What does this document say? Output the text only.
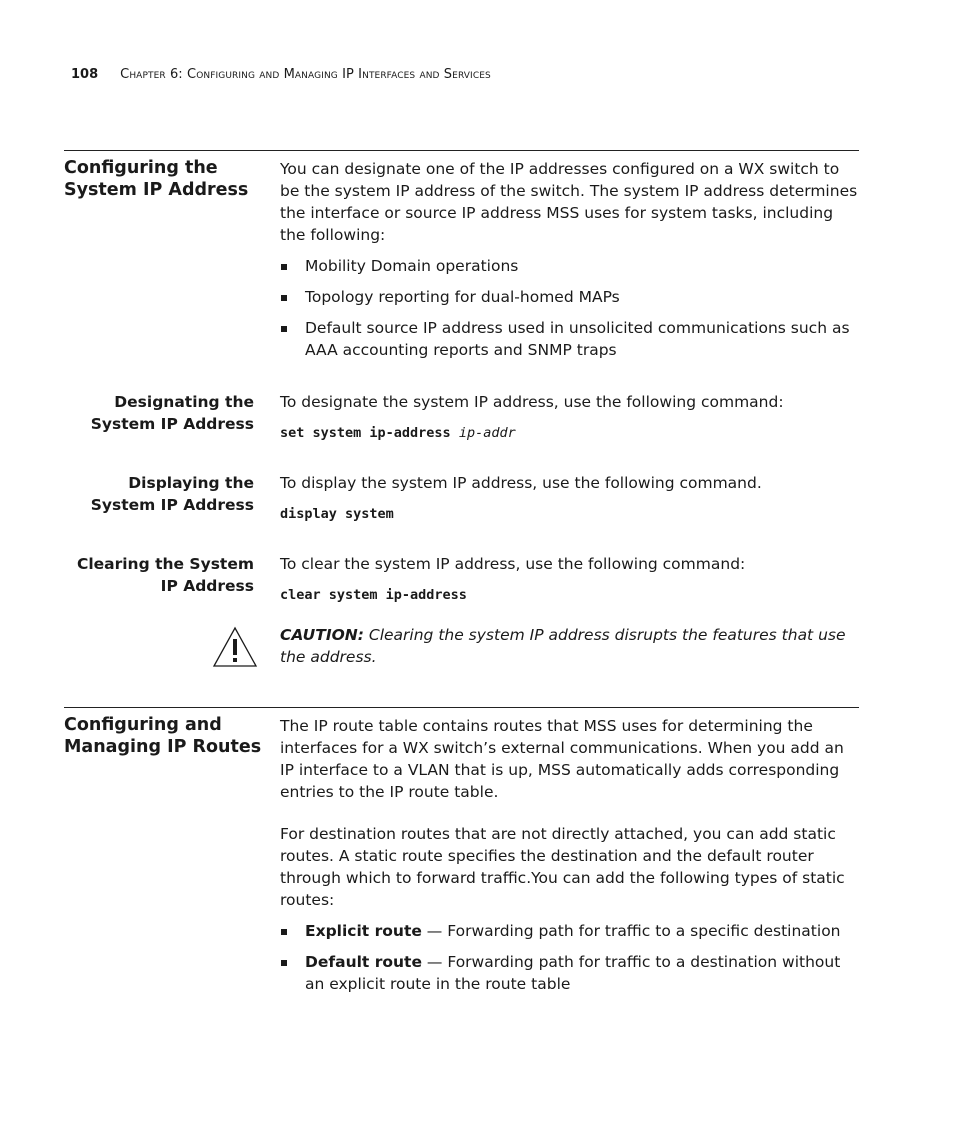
108 Chapter 6: Configuring and Managing IP Interfaces and Services
Configuring the
System IP Address

You can designate one of the IP addresses configured on a WX switch to be the system IP address of the switch. The system IP address determines the interface or source IP address MSS uses for system tasks, including the following:

Mobility Domain operations
Topology reporting for dual-homed MAPs
Default source IP address used in unsolicited communications such as AAA accounting reports and SNMP traps
Designating the
System IP Address

To designate the system IP address, use the following command:

set system ip-address ip-addr
Displaying the
System IP Address

To display the system IP address, use the following command.

display system
Clearing the System
IP Address

To clear the system IP address, use the following command:

clear system ip-address
CAUTION: Clearing the system IP address disrupts the features that use the address.
Configuring and
Managing IP Routes

The IP route table contains routes that MSS uses for determining the interfaces for a WX switch’s external communications. When you add an IP interface to a VLAN that is up, MSS automatically adds corresponding entries to the IP route table.

For destination routes that are not directly attached, you can add static routes. A static route specifies the destination and the default router through which to forward traffic.You can add the following types of static routes:

Explicit route — Forwarding path for traffic to a specific destination
Default route — Forwarding path for traffic to a destination without an explicit route in the route table
